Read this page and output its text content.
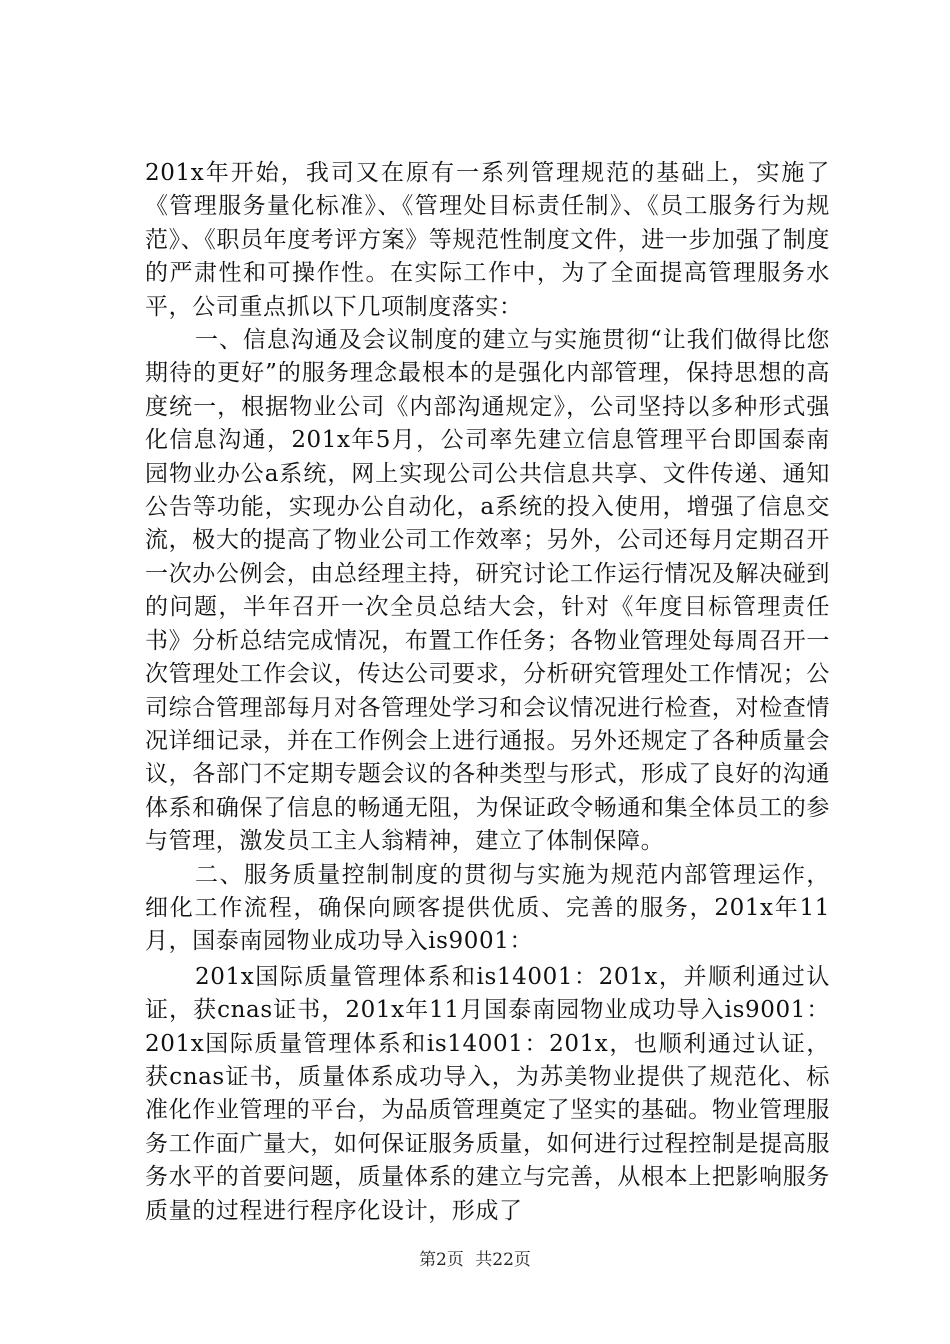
201x年开始，我司又在原有一系列管理规范的基础上，实施了《管理服务量化标准》、《管理处目标责任制》、《员工服务行为规范》、《职员年度考评方案》等规范性制度文件，进一步加强了制度的严肃性和可操作性。在实际工作中，为了全面提高管理服务水平，公司重点抓以下几项制度落实：

一、信息沟通及会议制度的建立与实施贯彻“让我们做得比您期待的更好”的服务理念最根本的是强化内部管理，保持思想的高度统一，根据物业公司《内部沟通规定》，公司坚持以多种形式强化信息沟通，201x年5月，公司率先建立信息管理平台即国泰南园物业办公a系统，网上实现公司公共信息共享、文件传递、通知公告等功能，实现办公自动化，a系统的投入使用，增强了信息交流，极大的提高了物业公司工作效率；另外，公司还每月定期召开一次办公例会，由总经理主持，研究讨论工作运行情况及解决碰到的问题，半年召开一次全员总结大会，针对《年度目标管理责任书》分析总结完成情况，布置工作任务；各物业管理处每周召开一次管理处工作会议，传达公司要求，分析研究管理处工作情况；公司综合管理部每月对各管理处学习和会议情况进行检查，对检查情况详细记录，并在工作例会上进行通报。另外还规定了各种质量会议，各部门不定期专题会议的各种类型与形式，形成了良好的沟通体系和确保了信息的畅通无阻，为保证政令畅通和集全体员工的参与管理，激发员工主人翁精神，建立了体制保障。

二、服务质量控制制度的贯彻与实施为规范内部管理运作，细化工作流程，确保向顾客提供优质、完善的服务，201x年11月，国泰南园物业成功导入is9001：

201x国际质量管理体系和is14001：201x，并顺利通过认证，获cnas证书，201x年11月国泰南园物业成功导入is9001：201x国际质量管理体系和is14001：201x，也顺利通过认证，获cnas证书，质量体系成功导入，为苏美物业提供了规范化、标准化作业管理的平台，为品质管理奠定了坚实的基础。物业管理服务工作面广量大，如何保证服务质量，如何进行过程控制是提高服务水平的首要问题，质量体系的建立与完善，从根本上把影响服务质量的过程进行程序化设计，形成了

第2页 共22页
